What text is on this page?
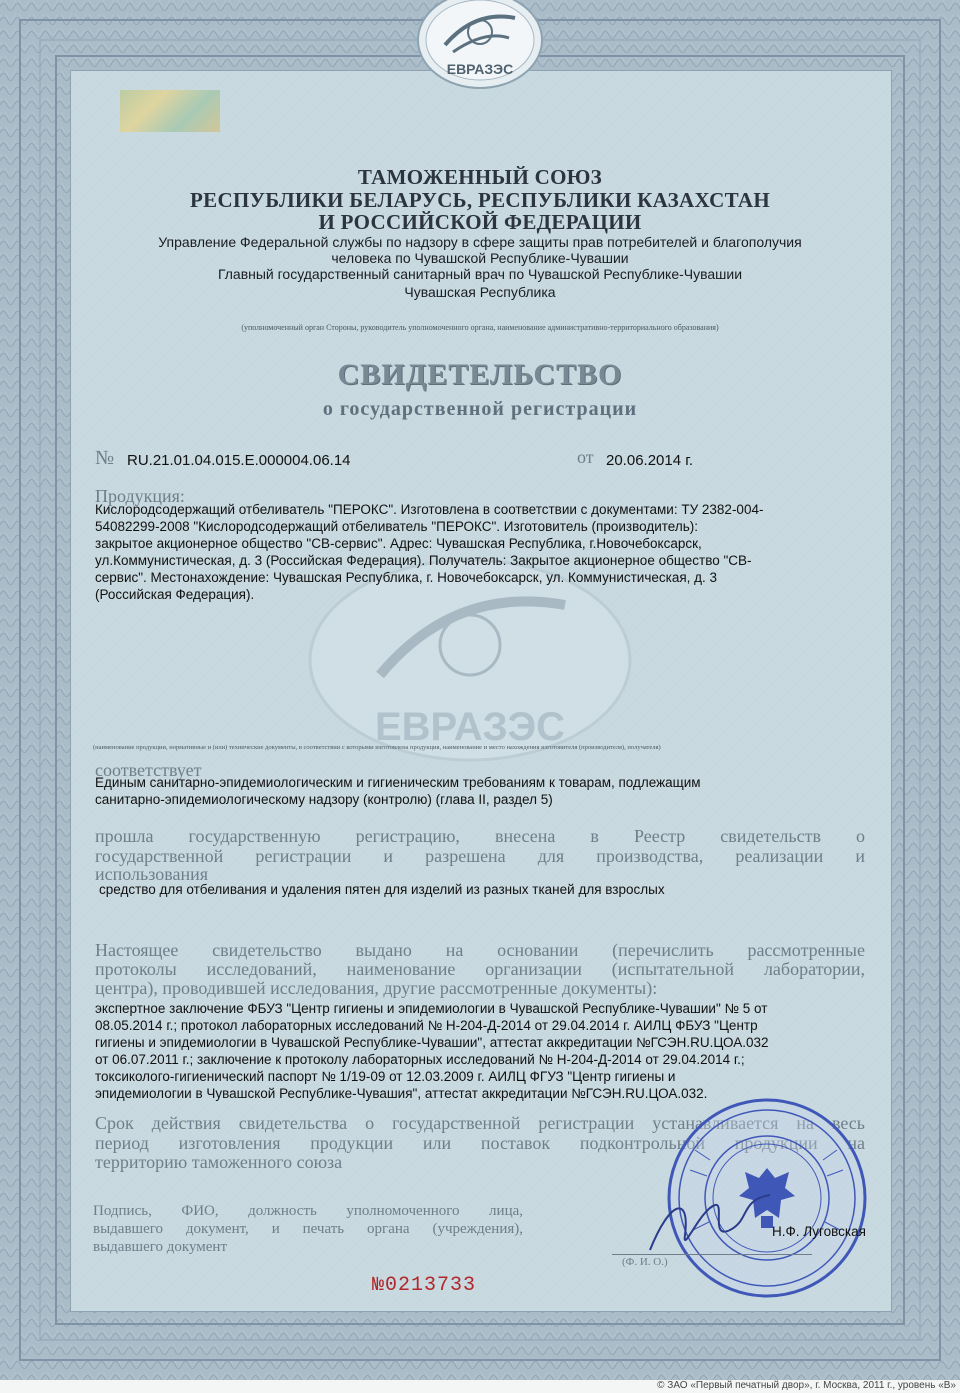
ЕВРАЗЭС
ЕВРАЗЭС
ТАМОЖЕННЫЙ СОЮЗ
РЕСПУБЛИКИ БЕЛАРУСЬ, РЕСПУБЛИКИ КАЗАХСТАН
И РОССИЙСКОЙ ФЕДЕРАЦИИ
Управление Федеральной службы по надзору в сфере защиты прав потребителей и благополучия
человека по Чувашской Республике-Чувашии
Главный государственный санитарный врач по Чувашской Республике-Чувашии
Чувашская Республика
(уполномоченный орган Стороны, руководитель уполномоченного органа, наименование административно-территориального образования)
СВИДЕТЕЛЬСТВО
о государственной регистрации
№ RU.21.01.04.015.Е.000004.06.14	от 20.06.2014 г.
Продукция:
Кислородсодержащий отбеливатель "ПЕРОКС". Изготовлена в соответствии с документами: ТУ 2382-004-
54082299-2008 "Кислородсодержащий отбеливатель "ПЕРОКС". Изготовитель (производитель):
закрытое акционерное общество "СВ-сервис". Адрес: Чувашская Республика, г.Новочебоксарск,
ул.Коммунистическая, д. 3 (Российская Федерация). Получатель: Закрытое акционерное общество "СВ-
сервис". Местонахождение: Чувашская Республика, г. Новочебоксарск, ул. Коммунистическая, д. 3
(Российская Федерация).
(наименование продукции, нормативные и (или) технические документы, в соответствии с которыми изготовлена продукция, наименование и место нахождения изготовителя (производителя), получателя)
соответствует
Единым санитарно-эпидемиологическим и гигиеническим требованиям к товарам, подлежащим
санитарно-эпидемиологическому надзору (контролю) (глава II, раздел 5)
прошла государственную регистрацию, внесена в Реестр свидетельств о
государственной регистрации и разрешена для производства, реализации и
использования
средство для отбеливания и удаления пятен для изделий из разных тканей для взрослых
Настоящее свидетельство выдано на основании (перечислить рассмотренные
протоколы исследований, наименование организации (испытательной лаборатории,
центра), проводившей исследования, другие рассмотренные документы):
экспертное заключение ФБУЗ "Центр гигиены и эпидемиологии в Чувашской Республике-Чувашии" № 5 от
08.05.2014 г.; протокол лабораторных исследований № Н-204-Д-2014 от 29.04.2014 г. АИЛЦ ФБУЗ "Центр
гигиены и эпидемиологии в Чувашской Республике-Чувашии", аттестат аккредитации №ГСЭН.RU.ЦОА.032
от 06.07.2011 г.; заключение к протоколу лабораторных исследований № Н-204-Д-2014 от 29.04.2014 г.;
токсиколого-гигиенический паспорт № 1/19-09 от 12.03.2009 г. АИЛЦ ФГУЗ "Центр гигиены и
эпидемиологии в Чувашской Республике-Чувашия", аттестат аккредитации №ГСЭН.RU.ЦОА.032.
Срок действия свидетельства о государственной регистрации устанавливается на весь
период изготовления продукции или поставок подконтрольной продукции на
территорию таможенного союза
Подпись, ФИО, должность уполномоченного лица,
выдавшего документ, и печать органа (учреждения),
выдавшего документ
Н.Ф. Луговская
(Ф. И. О.)
№0213733
© ЗАО «Первый печатный двор», г. Москва, 2011 г., уровень «В»
